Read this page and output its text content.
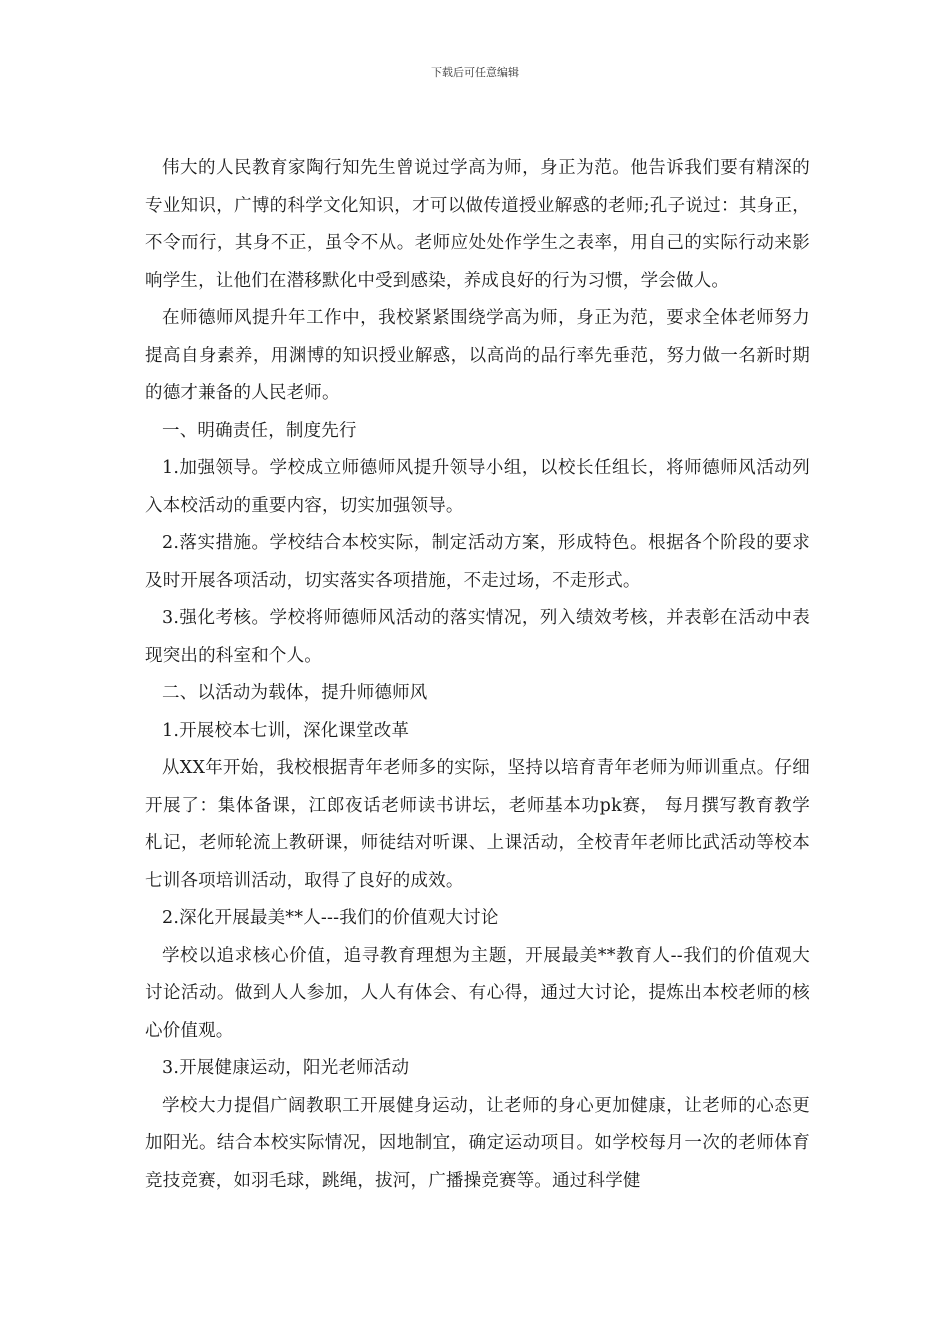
下载后可任意编辑

伟大的人民教育家陶行知先生曾说过学高为师，身正为范。他告诉我们要有精深的专业知识，广博的科学文化知识，才可以做传道授业解惑的老师;孔子说过：其身正，不令而行，其身不正，虽令不从。老师应处处作学生之表率，用自己的实际行动来影响学生，让他们在潜移默化中受到感染，养成良好的行为习惯，学会做人。

在师德师风提升年工作中，我校紧紧围绕学高为师，身正为范，要求全体老师努力提高自身素养，用渊博的知识授业解惑，以高尚的品行率先垂范，努力做一名新时期的德才兼备的人民老师。

一、明确责任，制度先行

1.加强领导。学校成立师德师风提升领导小组，以校长任组长，将师德师风活动列入本校活动的重要内容，切实加强领导。

2.落实措施。学校结合本校实际，制定活动方案，形成特色。根据各个阶段的要求及时开展各项活动，切实落实各项措施，不走过场，不走形式。

3.强化考核。学校将师德师风活动的落实情况，列入绩效考核，并表彰在活动中表现突出的科室和个人。

二、以活动为载体，提升师德师风

1.开展校本七训，深化课堂改革

从XX年开始，我校根据青年老师多的实际，坚持以培育青年老师为师训重点。仔细开展了：集体备课，江郎夜话老师读书讲坛，老师基本功pk赛， 每月撰写教育教学札记，老师轮流上教研课，师徒结对听课、上课活动，全校青年老师比武活动等校本七训各项培训活动，取得了良好的成效。

2.深化开展最美**人---我们的价值观大讨论

学校以追求核心价值，追寻教育理想为主题，开展最美**教育人--我们的价值观大讨论活动。做到人人参加，人人有体会、有心得，通过大讨论，提炼出本校老师的核心价值观。

3.开展健康运动，阳光老师活动

学校大力提倡广阔教职工开展健身运动，让老师的身心更加健康，让老师的心态更加阳光。结合本校实际情况，因地制宜，确定运动项目。如学校每月一次的老师体育竞技竞赛，如羽毛球，跳绳，拔河，广播操竞赛等。通过科学健
